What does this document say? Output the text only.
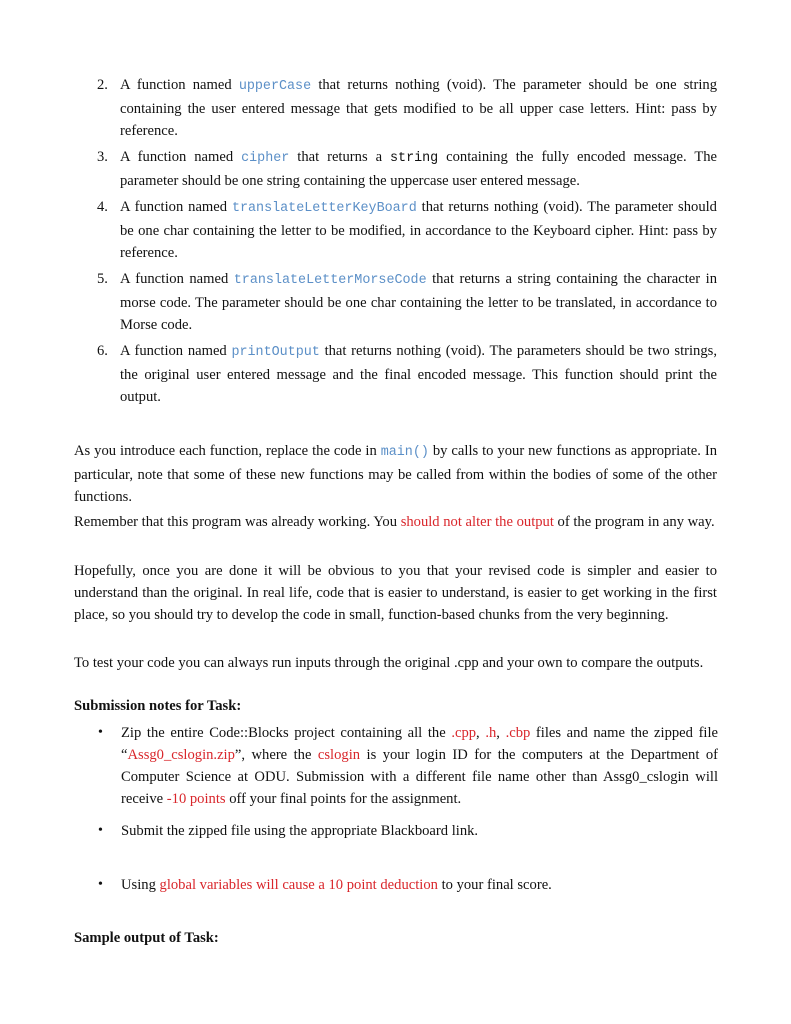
2. A function named upperCase that returns nothing (void). The parameter should be one string containing the user entered message that gets modified to be all upper case letters. Hint: pass by reference.
3. A function named cipher that returns a string containing the fully encoded message. The parameter should be one string containing the uppercase user entered message.
4. A function named translateLetterKeyBoard that returns nothing (void). The parameter should be one char containing the letter to be modified, in accordance to the Keyboard cipher. Hint: pass by reference.
5. A function named translateLetterMorseCode that returns a string containing the character in morse code. The parameter should be one char containing the letter to be translated, in accordance to Morse code.
6. A function named printOutput that returns nothing (void). The parameters should be two strings, the original user entered message and the final encoded message. This function should print the output.
As you introduce each function, replace the code in main() by calls to your new functions as appropriate. In particular, note that some of these new functions may be called from within the bodies of some of the other functions.
Remember that this program was already working. You should not alter the output of the program in any way.
Hopefully, once you are done it will be obvious to you that your revised code is simpler and easier to understand than the original. In real life, code that is easier to understand, is easier to get working in the first place, so you should try to develop the code in small, function-based chunks from the very beginning.
To test your code you can always run inputs through the original .cpp and your own to compare the outputs.
Submission notes for Task:
• Zip the entire Code::Blocks project containing all the .cpp, .h, .cbp files and name the zipped file “Assg0_cslogin.zip”, where the cslogin is your login ID for the computers at the Department of Computer Science at ODU. Submission with a different file name other than Assg0_cslogin will receive -10 points off your final points for the assignment.
• Submit the zipped file using the appropriate Blackboard link.
• Using global variables will cause a 10 point deduction to your final score.
Sample output of Task:
